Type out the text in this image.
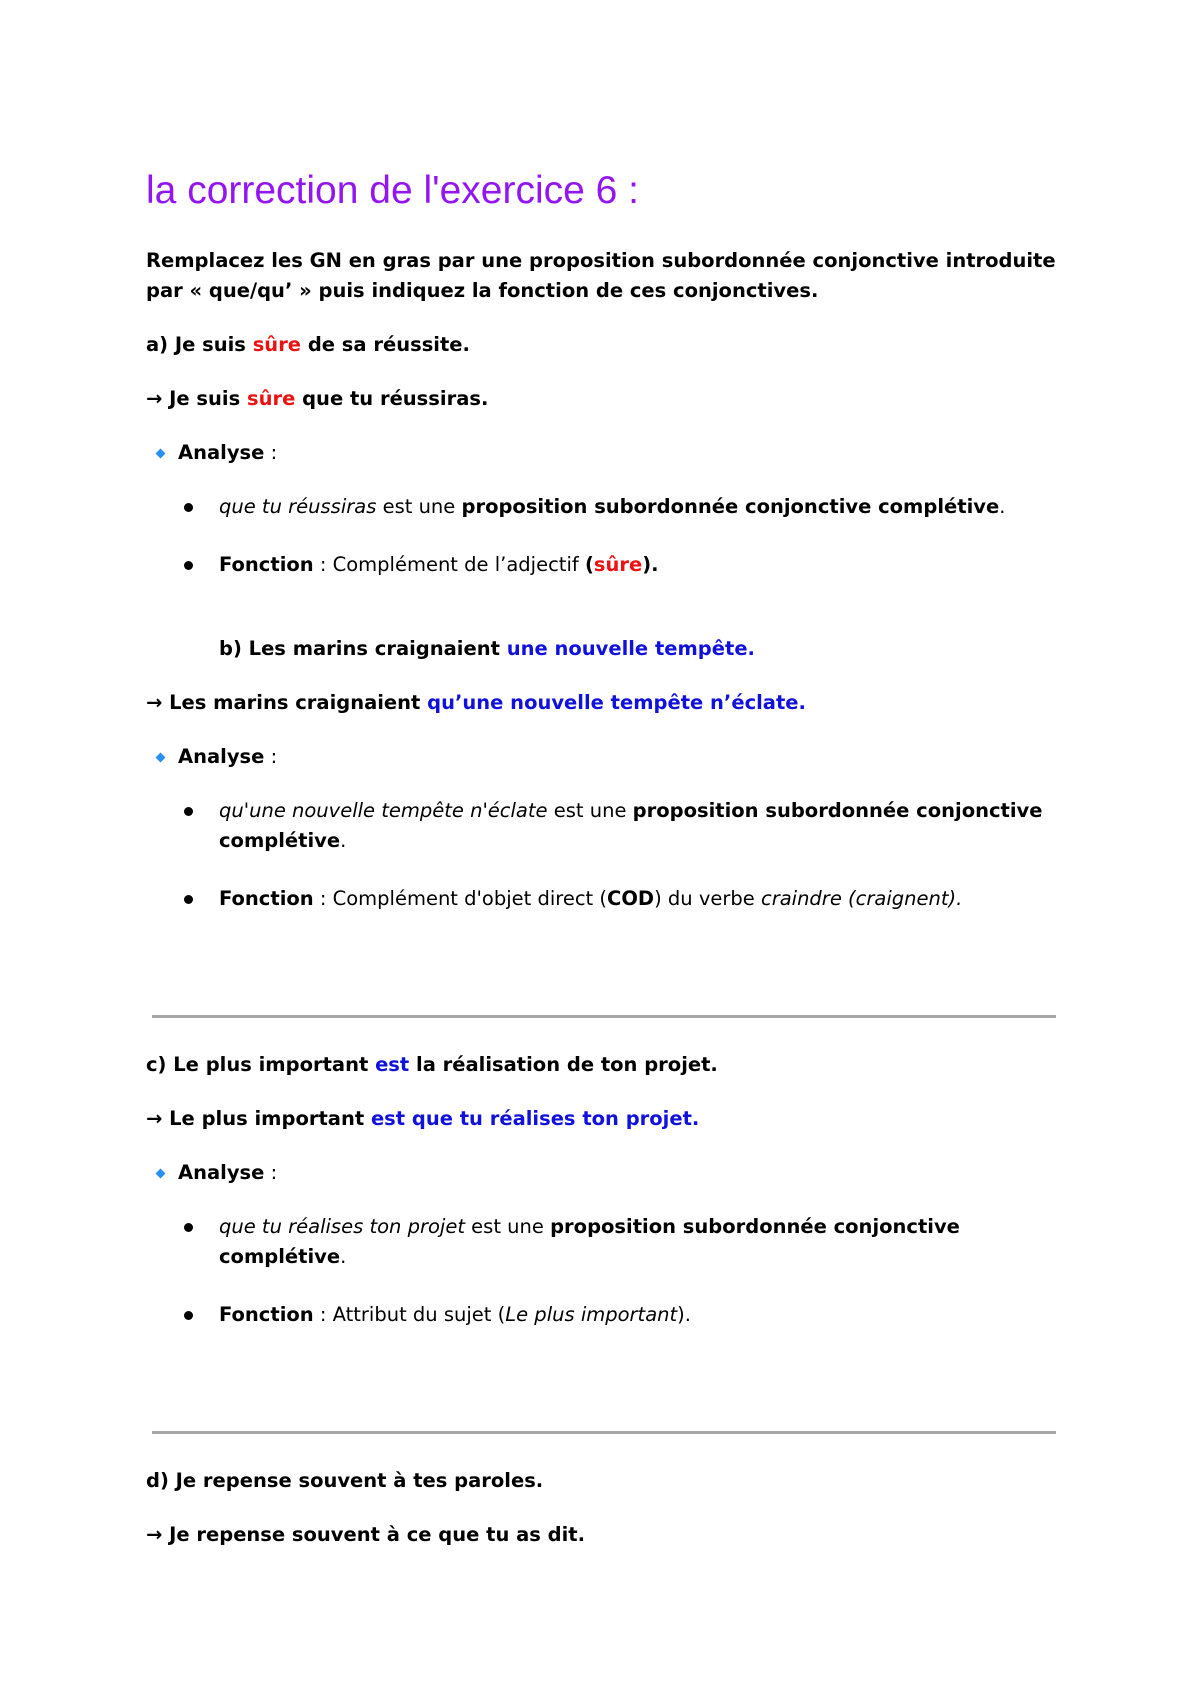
la correction de l'exercice 6 :
Remplacez les GN en gras par une proposition subordonnée conjonctive introduite
par « que/qu’ » puis indiquez la fonction de ces conjonctives.
a) Je suis sûre de sa réussite.
→ Je suis sûre que tu réussiras.
Analyse :
que tu réussiras est une proposition subordonnée conjonctive complétive.
Fonction : Complément de l’adjectif (sûre).
b) Les marins craignaient une nouvelle tempête.
→ Les marins craignaient qu’une nouvelle tempête n’éclate.
Analyse :
qu'une nouvelle tempête n'éclate est une proposition subordonnée conjonctive
complétive.
Fonction : Complément d'objet direct (COD) du verbe craindre (craignent).
c) Le plus important est la réalisation de ton projet.
→ Le plus important est que tu réalises ton projet.
Analyse :
que tu réalises ton projet est une proposition subordonnée conjonctive
complétive.
Fonction : Attribut du sujet (Le plus important).
d) Je repense souvent à tes paroles.
→ Je repense souvent à ce que tu as dit.
